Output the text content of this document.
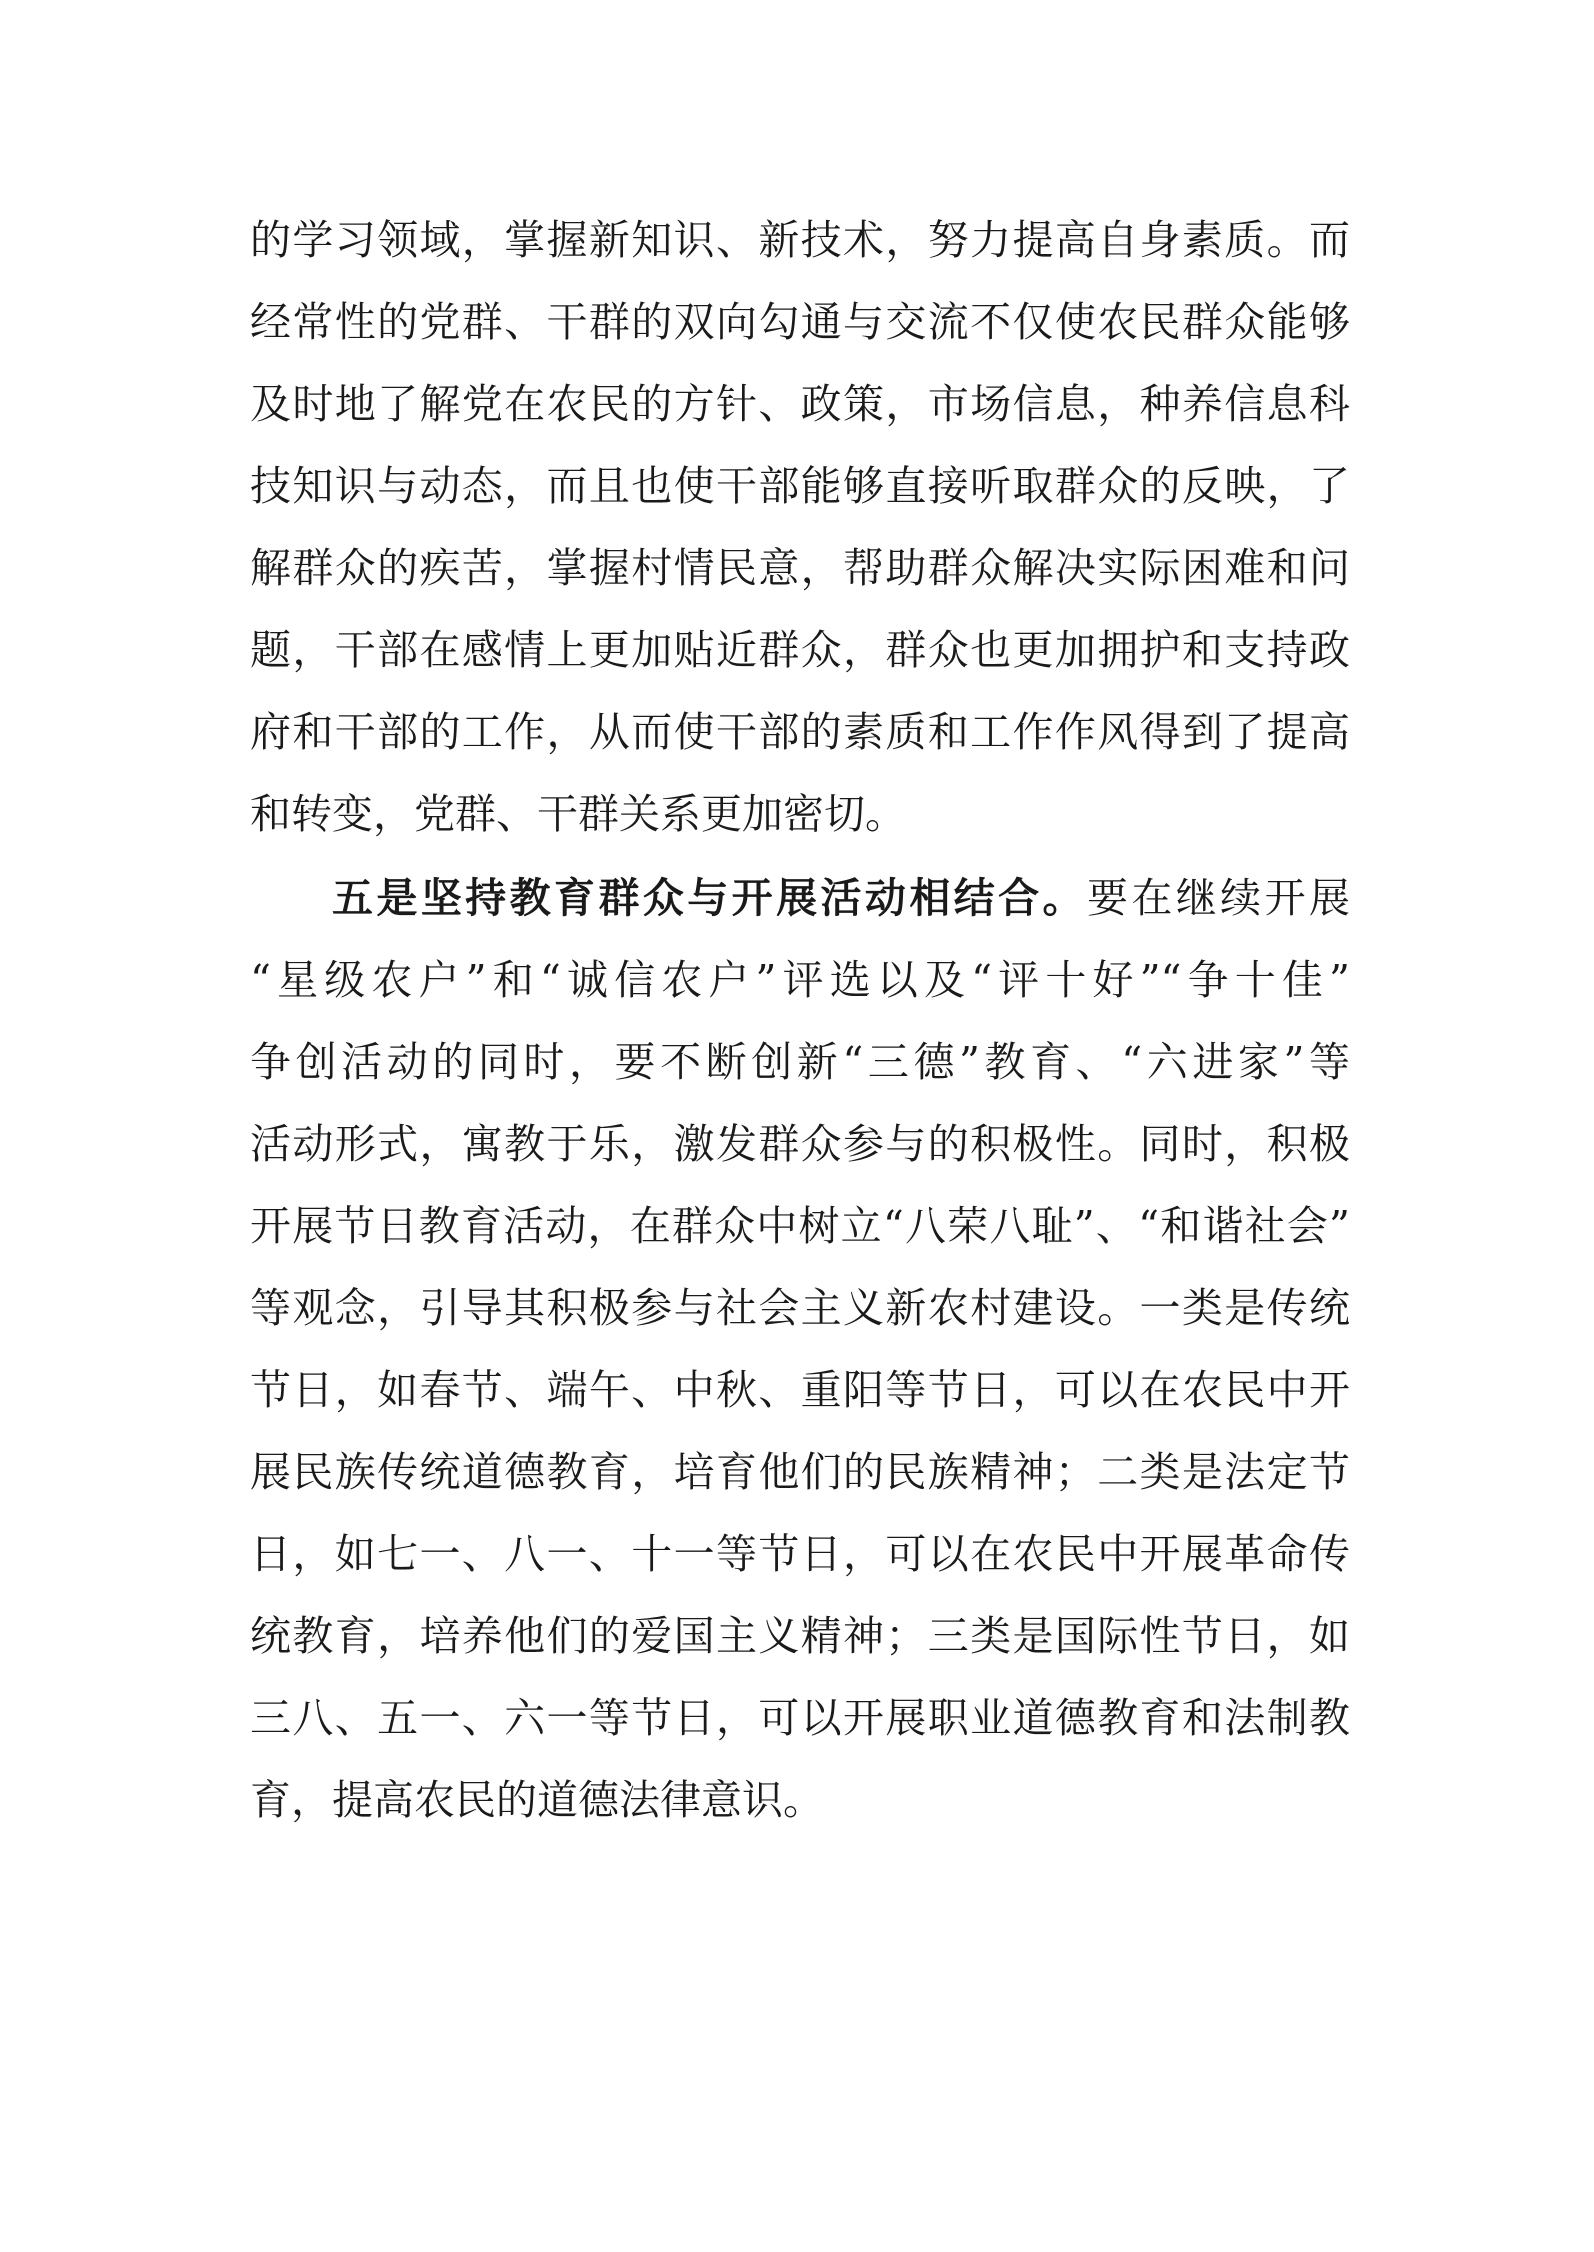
的学习领域，掌握新知识、新技术，努力提高自身素质。而
经常性的党群、干群的双向勾通与交流不仅使农民群众能够
及时地了解党在农民的方针、政策，市场信息，种养信息科
技知识与动态，而且也使干部能够直接听取群众的反映，了
解群众的疾苦，掌握村情民意，帮助群众解决实际困难和问
题，干部在感情上更加贴近群众，群众也更加拥护和支持政
府和干部的工作，从而使干部的素质和工作作风得到了提高
和转变，党群、干群关系更加密切。
五是坚持教育群众与开展活动相结合。要在继续开展
“星级农户”和“诚信农户”评选以及“评十好”“争十佳”
争创活动的同时，要不断创新“三德”教育、“六进家”等
活动形式，寓教于乐，激发群众参与的积极性。同时，积极
开展节日教育活动，在群众中树立“八荣八耻”、“和谐社会”
等观念，引导其积极参与社会主义新农村建设。一类是传统
节日，如春节、端午、中秋、重阳等节日，可以在农民中开
展民族传统道德教育，培育他们的民族精神；二类是法定节
日，如七一、八一、十一等节日，可以在农民中开展革命传
统教育，培养他们的爱国主义精神；三类是国际性节日，如
三八、五一、六一等节日，可以开展职业道德教育和法制教
育，提高农民的道德法律意识。
